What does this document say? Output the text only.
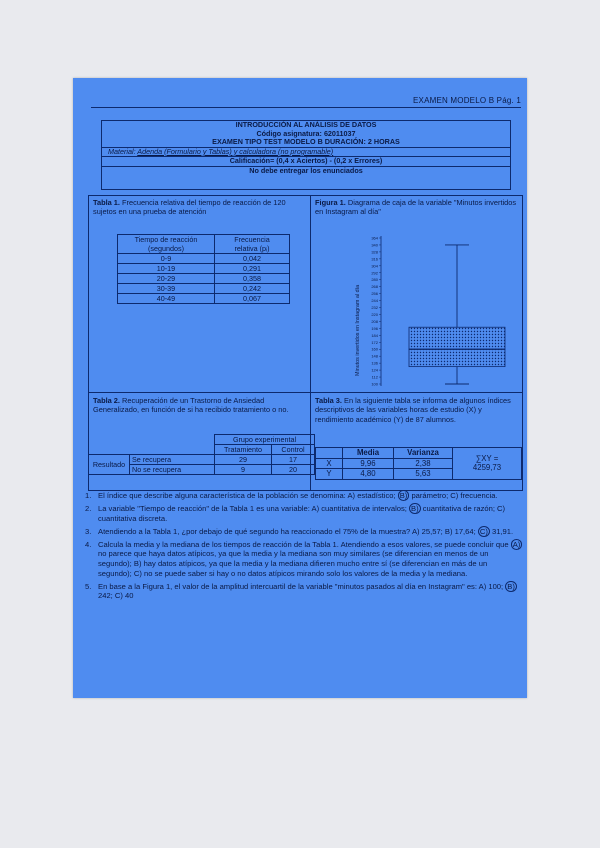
EXAMEN MODELO B Pág. 1
INTRODUCCIÓN AL ANÁLISIS DE DATOS
Código asignatura: 62011037
EXAMEN TIPO TEST MODELO B DURACIÓN: 2 HORAS
Material: Adenda (Formulario y Tablas) y calculadora (no programable)
Calificación= (0,4 x Aciertos) - (0,2 x Errores)
No debe entregar los enunciados
Tabla 1. Frecuencia relativa del tiempo de reacción de 120 sujetos en una prueba de atención
Tiempo de reacción
(segundos)	Frecuencia
relativa (pᵢ)
0-9	0,042
10-19	0,291
20-29	0,358
30-39	0,242
40-49	0,067
Figura 1. Diagrama de caja de la variable "Minutos invertidos en Instagram al día"
Minutos invertidos en Instagram al día
364
340
328
316
304
292
280
268
256
244
232
220
208
196
184
172
160
148
136
124
112
100
Tabla 2. Recuperación de un Trastorno de Ansiedad Generalizado, en función de si ha recibido tratamiento o no.
		Grupo experimental	
		Tratamiento	Control
Resultado	Se recupera	29	17
	No se recupera	9	20
Tabla 3. En la siguiente tabla se informa de algunos índices descriptivos de las variables horas de estudio (X) y rendimiento académico (Y) de 87 alumnos.
	Media	Varianza	∑XY =
4259,73
X	9,96	2,38	
Y	4,80	5,63	
1. El índice que describe alguna característica de la población se denomina: A) estadístico; B) parámetro; C) frecuencia.
2. La variable "Tiempo de reacción" de la Tabla 1 es una variable: A) cuantitativa de intervalos; B) cuantitativa de razón; C) cuantitativa discreta.
3. Atendiendo a la Tabla 1, ¿por debajo de qué segundo ha reaccionado el 75% de la muestra? A) 25,57; B) 17,64; C) 31,91.
4. Calcula la media y la mediana de los tiempos de reacción de la Tabla 1. Atendiendo a esos valores, se puede concluir que A) no parece que haya datos atípicos, ya que la media y la mediana son muy similares (se diferencian en menos de un segundo); B) hay datos atípicos, ya que la media y la mediana difieren mucho entre sí (se diferencian en más de un segundo); C) no se puede saber si hay o no datos atípicos mirando solo los valores de la media y la mediana.
5. En base a la Figura 1, el valor de la amplitud intercuartil de la variable "minutos pasados al día en Instagram" es: A) 100; B) 242; C) 40
